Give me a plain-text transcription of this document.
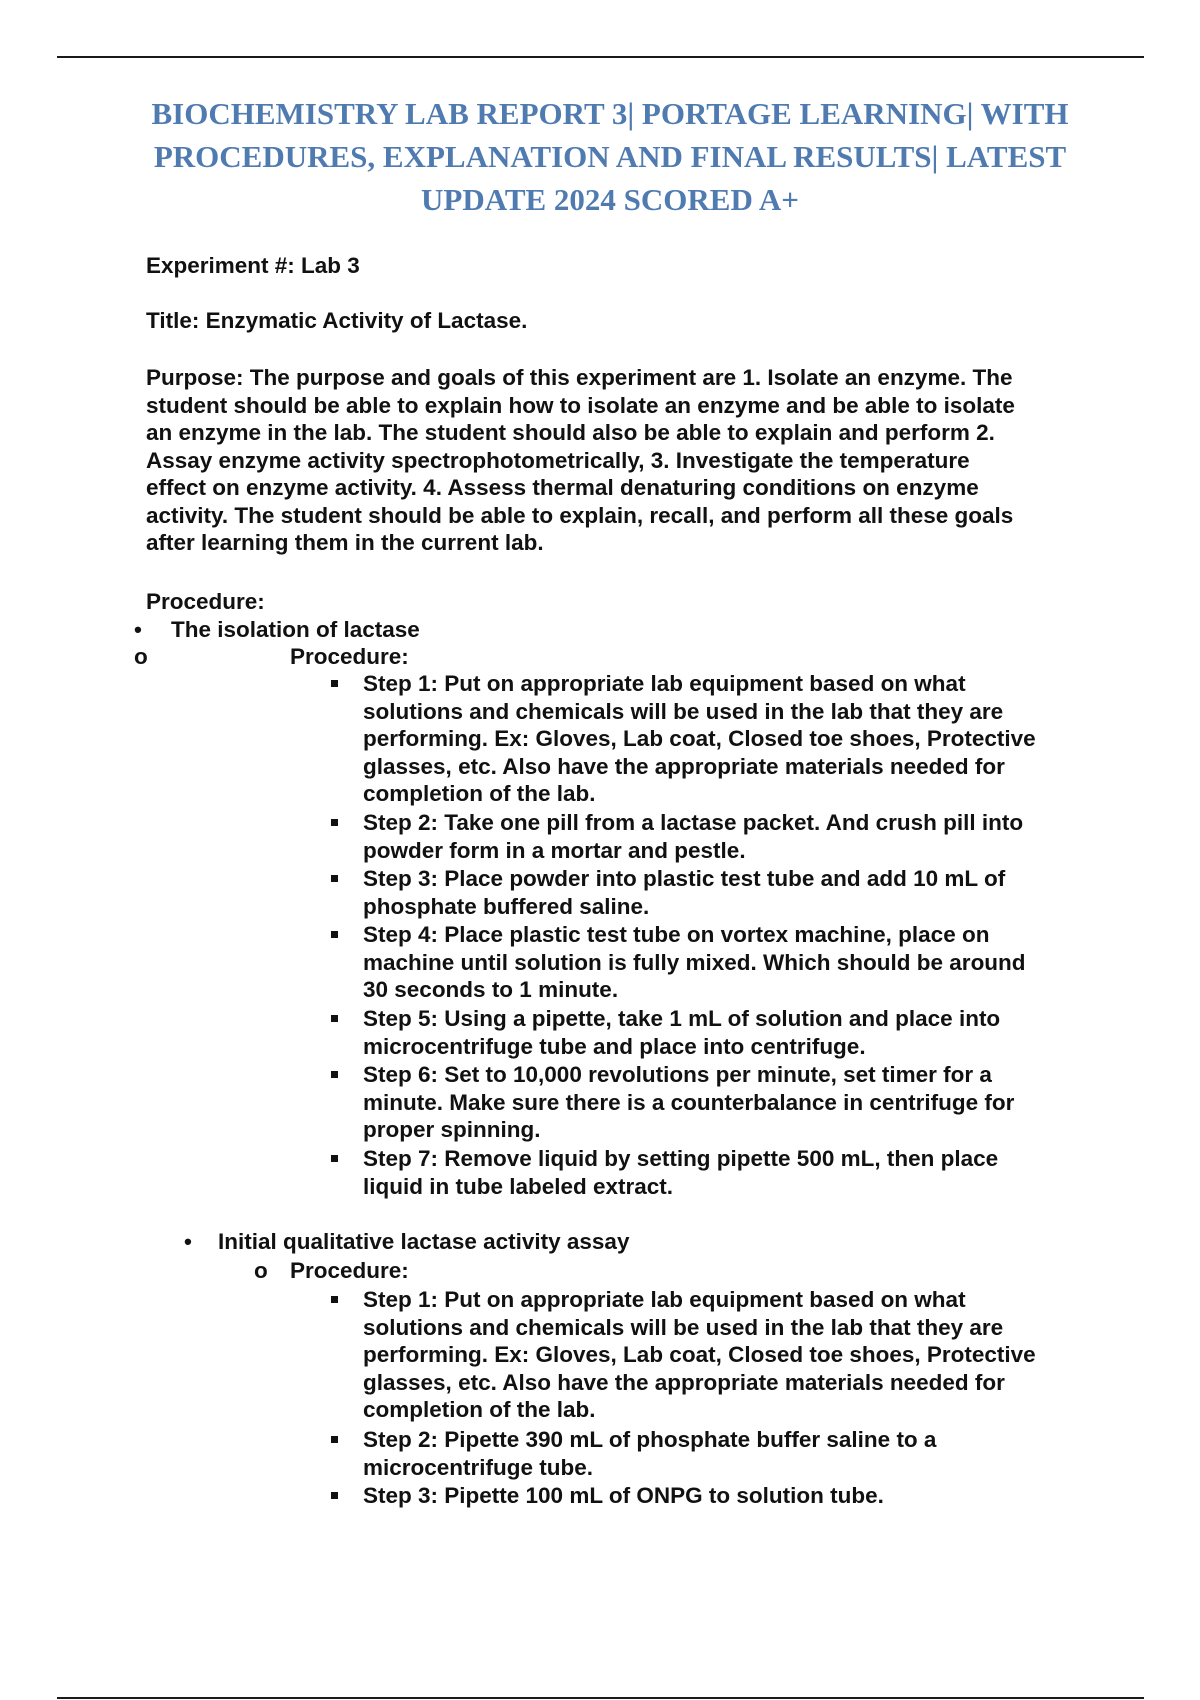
BIOCHEMISTRY LAB REPORT 3| PORTAGE LEARNING| WITH
PROCEDURES, EXPLANATION AND FINAL RESULTS| LATEST
UPDATE 2024 SCORED A+
Experiment #: Lab 3
Title: Enzymatic Activity of Lactase.
Purpose: The purpose and goals of this experiment are 1. Isolate an enzyme. The
student should be able to explain how to isolate an enzyme and be able to isolate
an enzyme in the lab. The student should also be able to explain and perform 2.
Assay enzyme activity spectrophotometrically, 3. Investigate the temperature
effect on enzyme activity. 4. Assess thermal denaturing conditions on enzyme
activity. The student should be able to explain, recall, and perform all these goals
after learning them in the current lab.
Procedure:
• The isolation of lactase
o	Procedure:
Step 1: Put on appropriate lab equipment based on what
solutions and chemicals will be used in the lab that they are
performing. Ex: Gloves, Lab coat, Closed toe shoes, Protective
glasses, etc. Also have the appropriate materials needed for
completion of the lab.
Step 2: Take one pill from a lactase packet. And crush pill into
powder form in a mortar and pestle.
Step 3: Place powder into plastic test tube and add 10 mL of
phosphate buffered saline.
Step 4: Place plastic test tube on vortex machine, place on
machine until solution is fully mixed. Which should be around
30 seconds to 1 minute.
Step 5: Using a pipette, take 1 mL of solution and place into
microcentrifuge tube and place into centrifuge.
Step 6: Set to 10,000 revolutions per minute, set timer for a
minute. Make sure there is a counterbalance in centrifuge for
proper spinning.
Step 7: Remove liquid by setting pipette 500 mL, then place
liquid in tube labeled extract.
• Initial qualitative lactase activity assay
o Procedure:
Step 1: Put on appropriate lab equipment based on what
solutions and chemicals will be used in the lab that they are
performing. Ex: Gloves, Lab coat, Closed toe shoes, Protective
glasses, etc. Also have the appropriate materials needed for
completion of the lab.
Step 2: Pipette 390 mL of phosphate buffer saline to a
microcentrifuge tube.
Step 3: Pipette 100 mL of ONPG to solution tube.
